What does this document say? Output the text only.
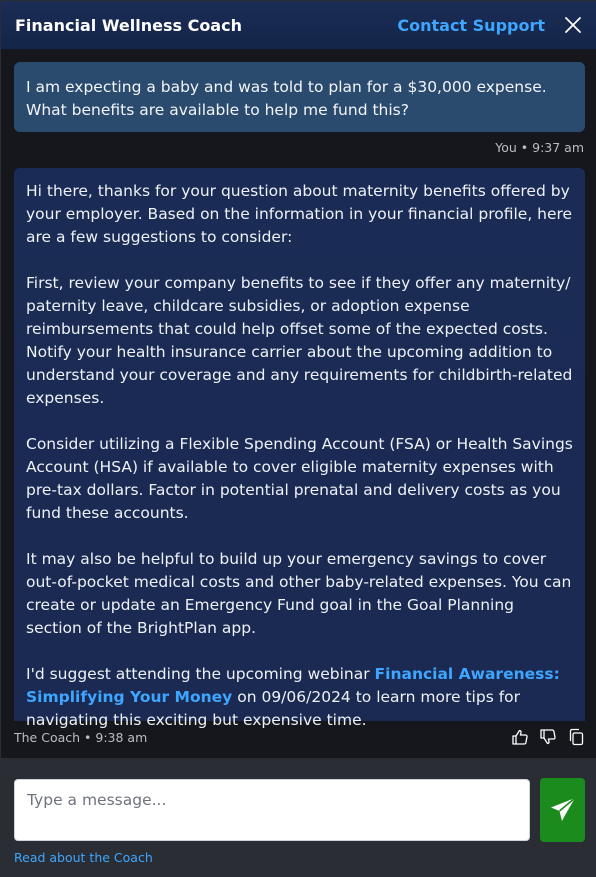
Financial Wellness Coach	Contact Support
I am expecting a baby and was told to plan for a $30,000 expense. What benefits are available to help me fund this?
You • 9:37 am

Hi there, thanks for your question about maternity benefits offered by your employer. Based on the information in your financial profile, here are a few suggestions to consider:

First, review your company benefits to see if they offer any maternity/ paternity leave, childcare subsidies, or adoption expense reimbursements that could help offset some of the expected costs. Notify your health insurance carrier about the upcoming addition to understand your coverage and any requirements for childbirth-related expenses.

Consider utilizing a Flexible Spending Account (FSA) or Health Savings Account (HSA) if available to cover eligible maternity expenses with pre-tax dollars. Factor in potential prenatal and delivery costs as you fund these accounts.

It may also be helpful to build up your emergency savings to cover out-of-pocket medical costs and other baby-related expenses. You can create or update an Emergency Fund goal in the Goal Planning section of the BrightPlan app.

I'd suggest attending the upcoming webinar Financial Awareness: Simplifying Your Money on 09/06/2024 to learn more tips for navigating this exciting but expensive time.

The Coach • 9:38 am
Type a message...
Read about the Coach
